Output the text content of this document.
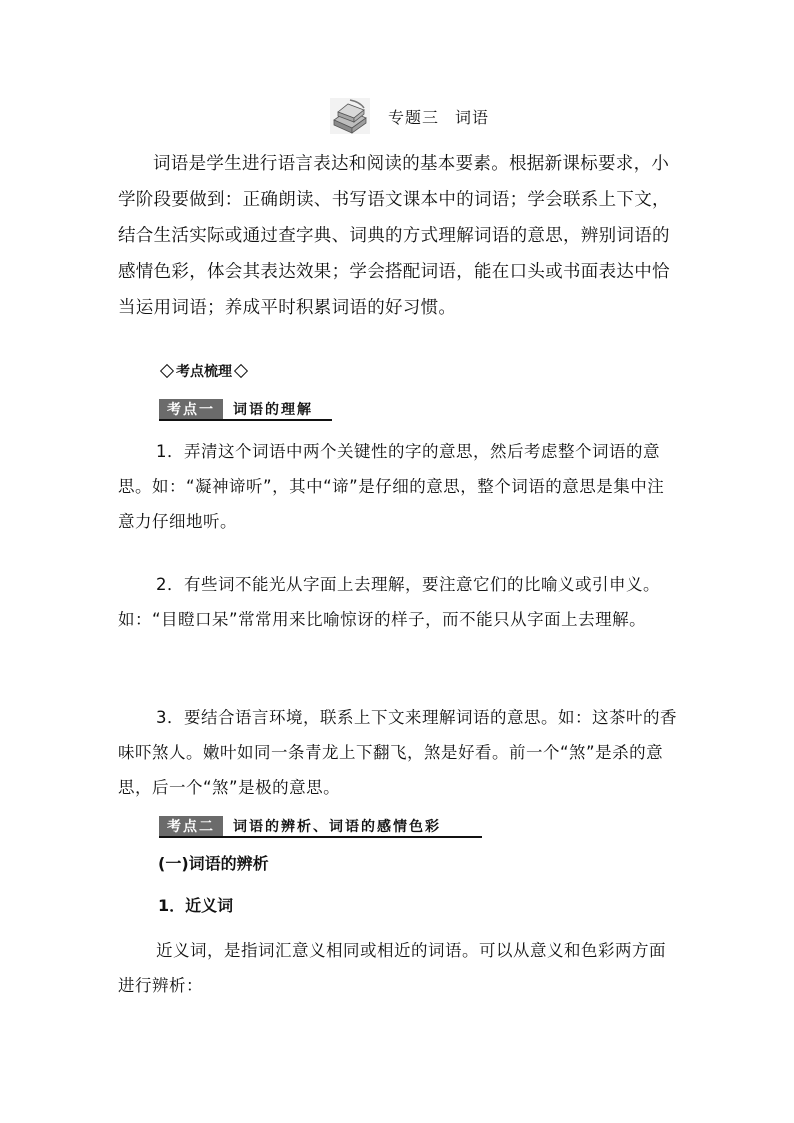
专题三 词语
词语是学生进行语言表达和阅读的基本要素。根据新课标要求，小学阶段要做到：正确朗读、书写语文课本中的词语；学会联系上下文，结合生活实际或通过查字典、词典的方式理解词语的意思，辨别词语的感情色彩，体会其表达效果；学会搭配词语，能在口头或书面表达中恰当运用词语；养成平时积累词语的好习惯。
考点梳理
考点一	词语的理解
1．弄清这个词语中两个关键性的字的意思，然后考虑整个词语的意思。如：“凝神谛听”，其中“谛”是仔细的意思，整个词语的意思是集中注意力仔细地听。
2．有些词不能光从字面上去理解，要注意它们的比喻义或引申义。如：“目瞪口呆”常常用来比喻惊讶的样子，而不能只从字面上去理解。
3．要结合语言环境，联系上下文来理解词语的意思。如：这茶叶的香味吓煞人。嫩叶如同一条青龙上下翻飞，煞是好看。前一个“煞”是杀的意思，后一个“煞”是极的意思。
考点二	词语的辨析、词语的感情色彩
(一)词语的辨析
1．近义词
近义词，是指词汇意义相同或相近的词语。可以从意义和色彩两方面进行辨析：
